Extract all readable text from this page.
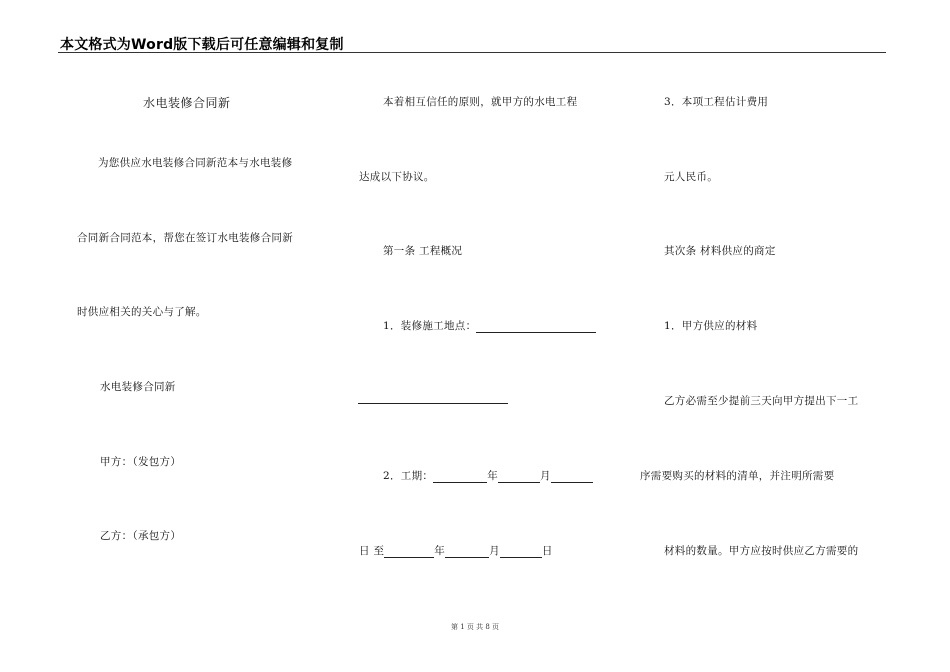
本文格式为Word版下载后可任意编辑和复制
水电装修合同新
为您供应水电装修合同新范本与水电装修
合同新合同范本，帮您在签订水电装修合同新
时供应相关的关心与了解。
水电装修合同新
甲方：（发包方）
乙方：（承包方）
本着相互信任的原则，就甲方的水电工程
达成以下协议。
第一条 工程概况
1．装修施工地点：
2．工期：	年	月
日 至	年	月	日
3．本项工程估计费用
元人民币。
其次条 材料供应的商定
1．甲方供应的材料
乙方必需至少提前三天向甲方提出下一工
序需要购买的材料的清单，并注明所需要
材料的数量。甲方应按时供应乙方需要的
第 1 页 共 8 页
